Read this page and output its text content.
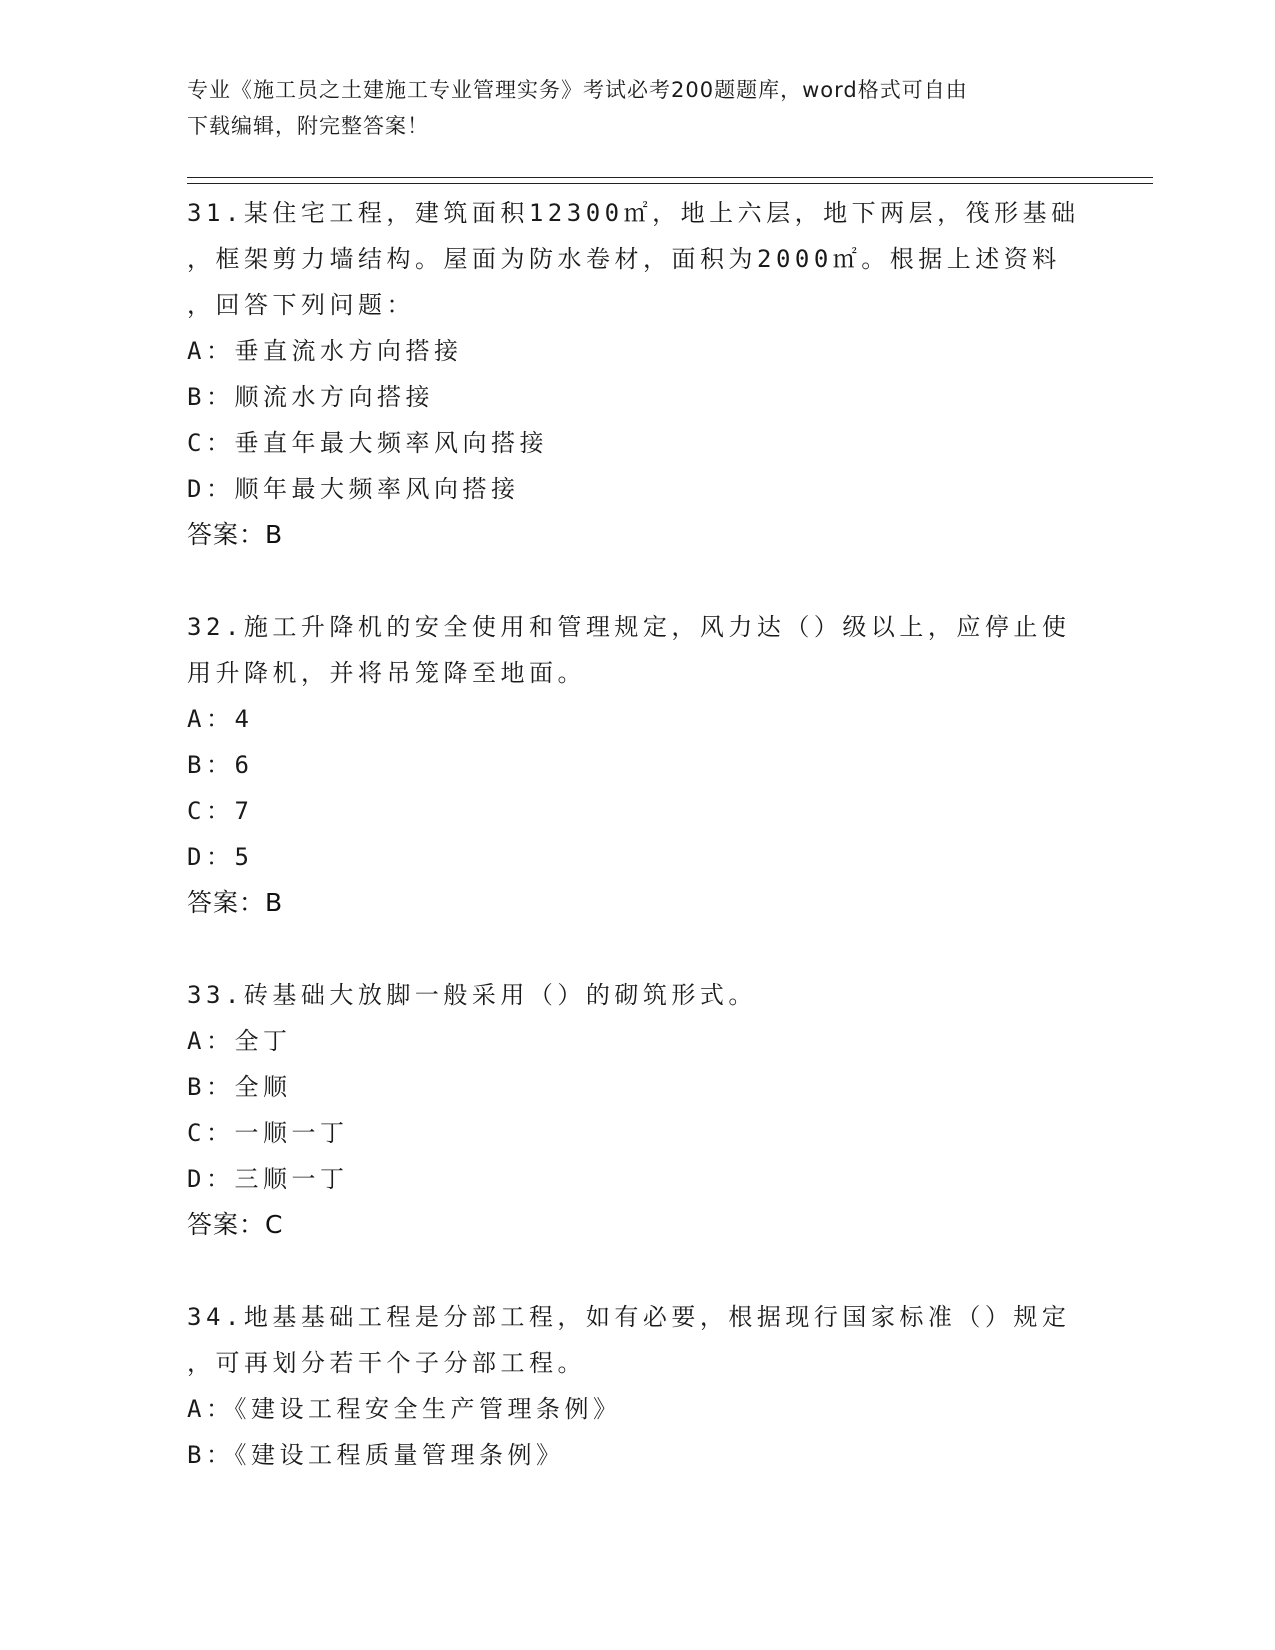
专业《施工员之土建施工专业管理实务》考试必考200题题库，word格式可自由
下载编辑，附完整答案！
31.某住宅工程，建筑面积12300㎡，地上六层，地下两层，筏形基础
，框架剪力墙结构。屋面为防水卷材，面积为2000㎡。根据上述资料
，回答下列问题：
A：垂直流水方向搭接
B：顺流水方向搭接
C：垂直年最大频率风向搭接
D：顺年最大频率风向搭接
答案：B
32.施工升降机的安全使用和管理规定，风力达（）级以上，应停止使
用升降机，并将吊笼降至地面。
A：4
B：6
C：7
D：5
答案：B
33.砖基础大放脚一般采用（）的砌筑形式。
A：全丁
B：全顺
C：一顺一丁
D：三顺一丁
答案：C
34.地基基础工程是分部工程，如有必要，根据现行国家标准（）规定
，可再划分若干个子分部工程。
A：《建设工程安全生产管理条例》
B：《建设工程质量管理条例》
